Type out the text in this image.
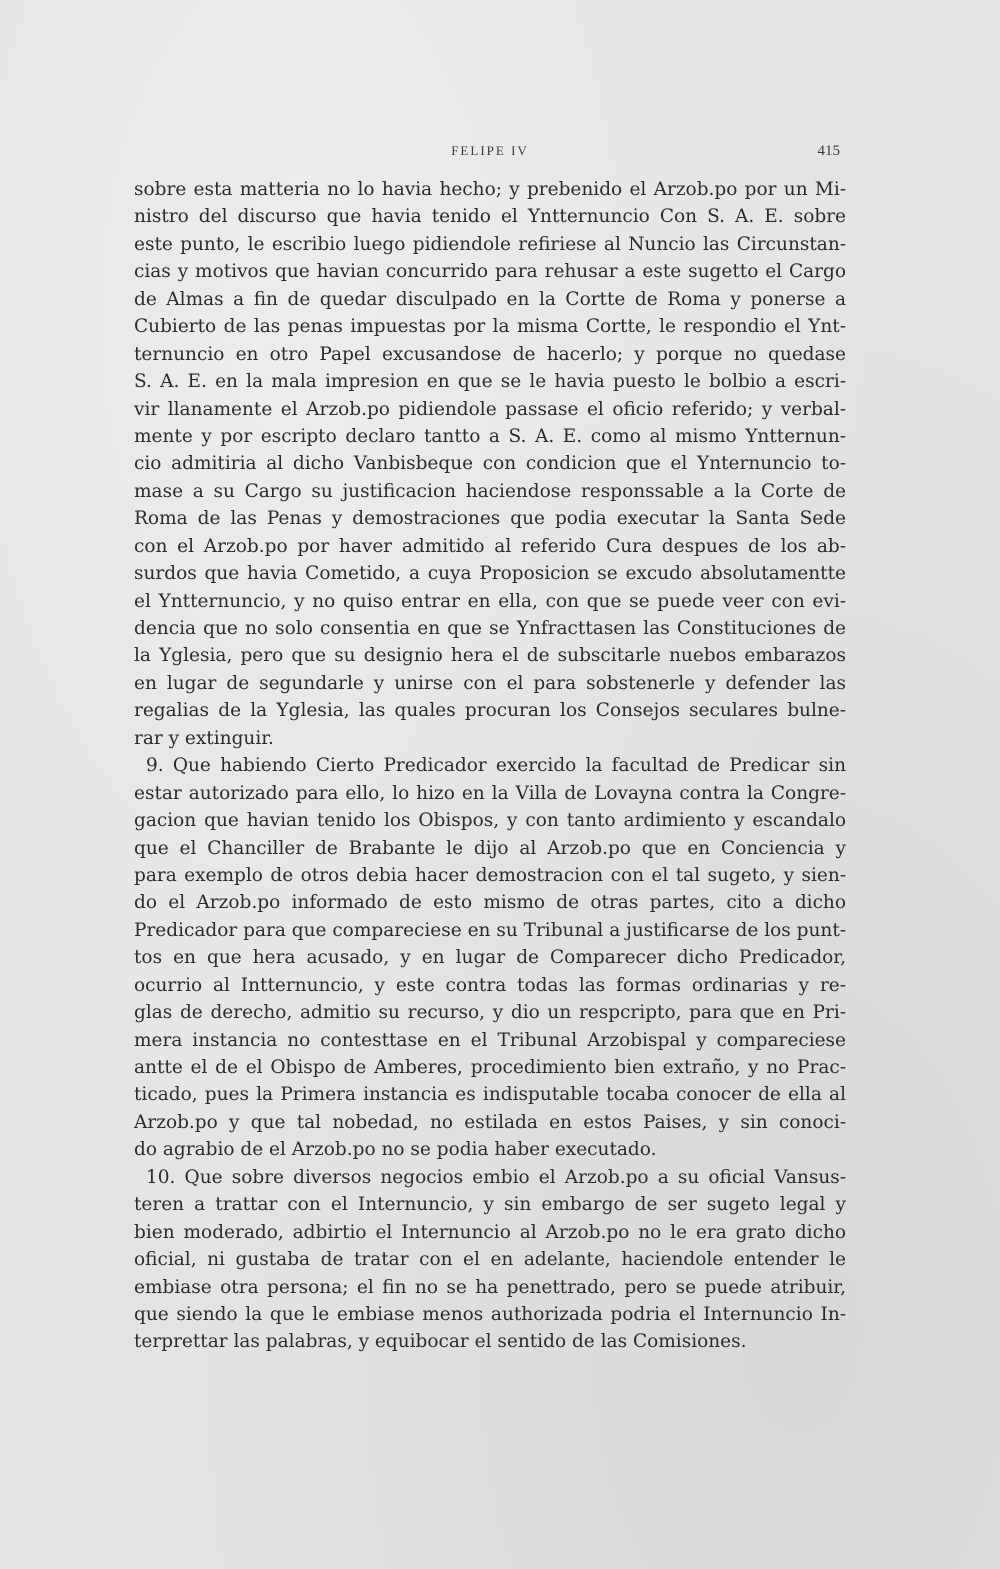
FELIPE IV	415
sobre esta matteria no lo havia hecho; y prebenido el Arzob.po por un Mi-
nistro del discurso que havia tenido el Yntternuncio Con S. A. E. sobre
este punto, le escribio luego pidiendole refiriese al Nuncio las Circunstan-
cias y motivos que havian concurrido para rehusar a este sugetto el Cargo
de Almas a fin de quedar disculpado en la Cortte de Roma y ponerse a
Cubierto de las penas impuestas por la misma Cortte, le respondio el Ynt-
ternuncio en otro Papel excusandose de hacerlo; y porque no quedase
S. A. E. en la mala impresion en que se le havia puesto le bolbio a escri-
vir llanamente el Arzob.po pidiendole passase el oficio referido; y verbal-
mente y por escripto declaro tantto a S. A. E. como al mismo Yntternun-
cio admitiria al dicho Vanbisbeque con condicion que el Ynternuncio to-
mase a su Cargo su justificacion haciendose responssable a la Corte de
Roma de las Penas y demostraciones que podia executar la Santa Sede
con el Arzob.po por haver admitido al referido Cura despues de los ab-
surdos que havia Cometido, a cuya Proposicion se excudo absolutamentte
el Yntternuncio, y no quiso entrar en ella, con que se puede veer con evi-
dencia que no solo consentia en que se Ynfracttasen las Constituciones de
la Yglesia, pero que su designio hera el de subscitarle nuebos embarazos
en lugar de segundarle y unirse con el para sobstenerle y defender las
regalias de la Yglesia, las quales procuran los Consejos seculares bulne-
rar y extinguir.
9. Que habiendo Cierto Predicador exercido la facultad de Predicar sin
estar autorizado para ello, lo hizo en la Villa de Lovayna contra la Congre-
gacion que havian tenido los Obispos, y con tanto ardimiento y escandalo
que el Chanciller de Brabante le dijo al Arzob.po que en Conciencia y
para exemplo de otros debia hacer demostracion con el tal sugeto, y sien-
do el Arzob.po informado de esto mismo de otras partes, cito a dicho
Predicador para que compareciese en su Tribunal a justificarse de los punt-
tos en que hera acusado, y en lugar de Comparecer dicho Predicador,
ocurrio al Intternuncio, y este contra todas las formas ordinarias y re-
glas de derecho, admitio su recurso, y dio un respcripto, para que en Pri-
mera instancia no contesttase en el Tribunal Arzobispal y compareciese
antte el de el Obispo de Amberes, procedimiento bien extraño, y no Prac-
ticado, pues la Primera instancia es indisputable tocaba conocer de ella al
Arzob.po y que tal nobedad, no estilada en estos Paises, y sin conoci-
do agrabio de el Arzob.po no se podia haber executado.
10. Que sobre diversos negocios embio el Arzob.po a su oficial Vansus-
teren a trattar con el Internuncio, y sin embargo de ser sugeto legal y
bien moderado, adbirtio el Internuncio al Arzob.po no le era grato dicho
oficial, ni gustaba de tratar con el en adelante, haciendole entender le
embiase otra persona; el fin no se ha penettrado, pero se puede atribuir,
que siendo la que le embiase menos authorizada podria el Internuncio In-
terprettar las palabras, y equibocar el sentido de las Comisiones.
